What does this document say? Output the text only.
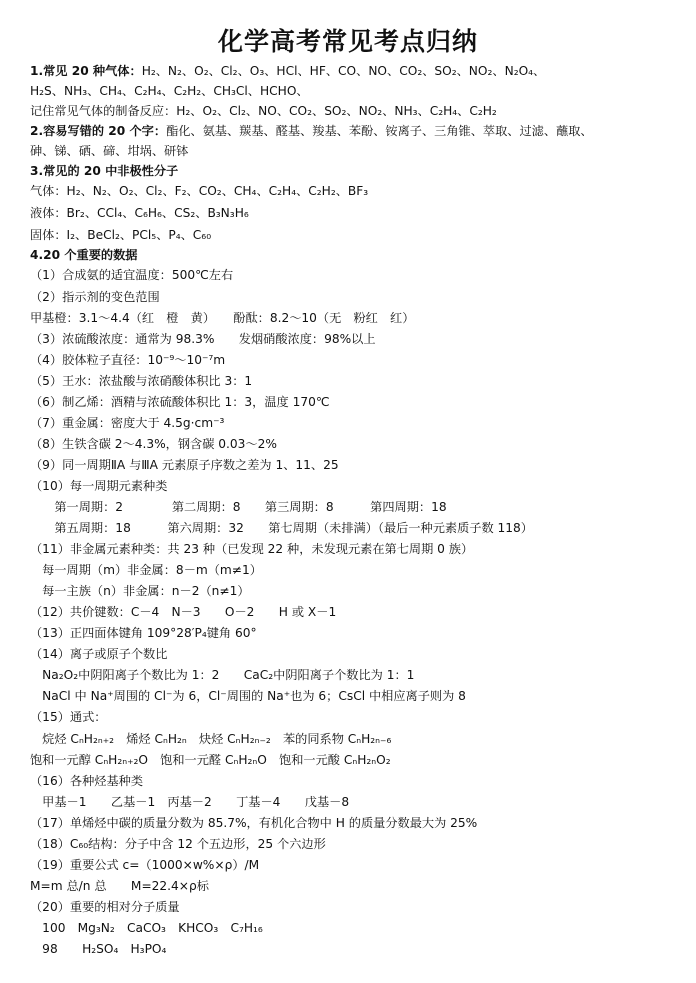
化学高考常见考点归纳
1.常见 20 种气体：H₂、N₂、O₂、Cl₂、O₃、HCl、HF、CO、NO、CO₂、SO₂、NO₂、N₂O₄、
H₂S、NH₃、CH₄、C₂H₄、C₂H₂、CH₃Cl、HCHO、
记住常见气体的制备反应：H₂、O₂、Cl₂、NO、CO₂、SO₂、NO₂、NH₃、C₂H₄、C₂H₂
2.容易写错的 20 个字：酯化、氨基、羰基、醛基、羧基、苯酚、铵离子、三角锥、萃取、过滤、蘸取、
砷、锑、硒、碲、坩埚、研钵
3.常见的 20 中非极性分子
气体：H₂、N₂、O₂、Cl₂、F₂、CO₂、CH₄、C₂H₄、C₂H₂、BF₃
液体：Br₂、CCl₄、C₆H₆、CS₂、B₃N₃H₆
固体：I₂、BeCl₂、PCl₅、P₄、C₆₀
4.20 个重要的数据
（1）合成氨的适宜温度：500℃左右
（2）指示剂的变色范围
甲基橙：3.1～4.4（红　橙　黄）　　酚酞：8.2～10（无　粉红　红）
（3）浓硫酸浓度：通常为 98.3%　　发烟硝酸浓度：98%以上
（4）胶体粒子直径：10⁻⁹～10⁻⁷m
（5）王水：浓盐酸与浓硝酸体积比 3：1
（6）制乙烯：酒精与浓硫酸体积比 1：3，温度 170℃
（7）重金属：密度大于 4.5g·cm⁻³
（8）生铁含碳 2～4.3%，钢含碳 0.03～2%
（9）同一周期ⅡA 与ⅢA 元素原子序数之差为 1、11、25
（10）每一周期元素种类
　　第一周期：2　　　　第二周期：8　　第三周期：8　　　第四周期：18
　　第五周期：18　　　第六周期：32　　第七周期（未排满）（最后一种元素质子数 118）
（11）非金属元素种类：共 23 种（已发现 22 种，未发现元素在第七周期 0 族）
　每一周期（m）非金属：8－m（m≠1）
　每一主族（n）非金属：n－2（n≠1）
（12）共价键数：C－4　N－3　　O－2　　H 或 X－1
（13）正四面体键角 109°28′P₄键角 60°
（14）离子或原子个数比
　Na₂O₂中阴阳离子个数比为 1：2　　CaC₂中阴阳离子个数比为 1：1
　NaCl 中 Na⁺周围的 Cl⁻为 6，Cl⁻周围的 Na⁺也为 6；CsCl 中相应离子则为 8
（15）通式：
　烷烃 CₙH₂ₙ₊₂　烯烃 CₙH₂ₙ　炔烃 CₙH₂ₙ₋₂　苯的同系物 CₙH₂ₙ₋₆
饱和一元醇 CₙH₂ₙ₊₂O　饱和一元醛 CₙH₂ₙO　饱和一元酸 CₙH₂ₙO₂
（16）各种烃基种类
　甲基－1　　乙基－1　丙基－2　　丁基－4　　戊基－8
（17）单烯烃中碳的质量分数为 85.7%，有机化合物中 H 的质量分数最大为 25%
（18）C₆₀结构：分子中含 12 个五边形，25 个六边形
（19）重要公式 c=（1000×w%×ρ）/M
M=m 总/n 总　　M=22.4×ρ标
（20）重要的相对分子质量
　100　Mg₃N₂　CaCO₃　KHCO₃　C₇H₁₆
　98　　H₂SO₄　H₃PO₄
